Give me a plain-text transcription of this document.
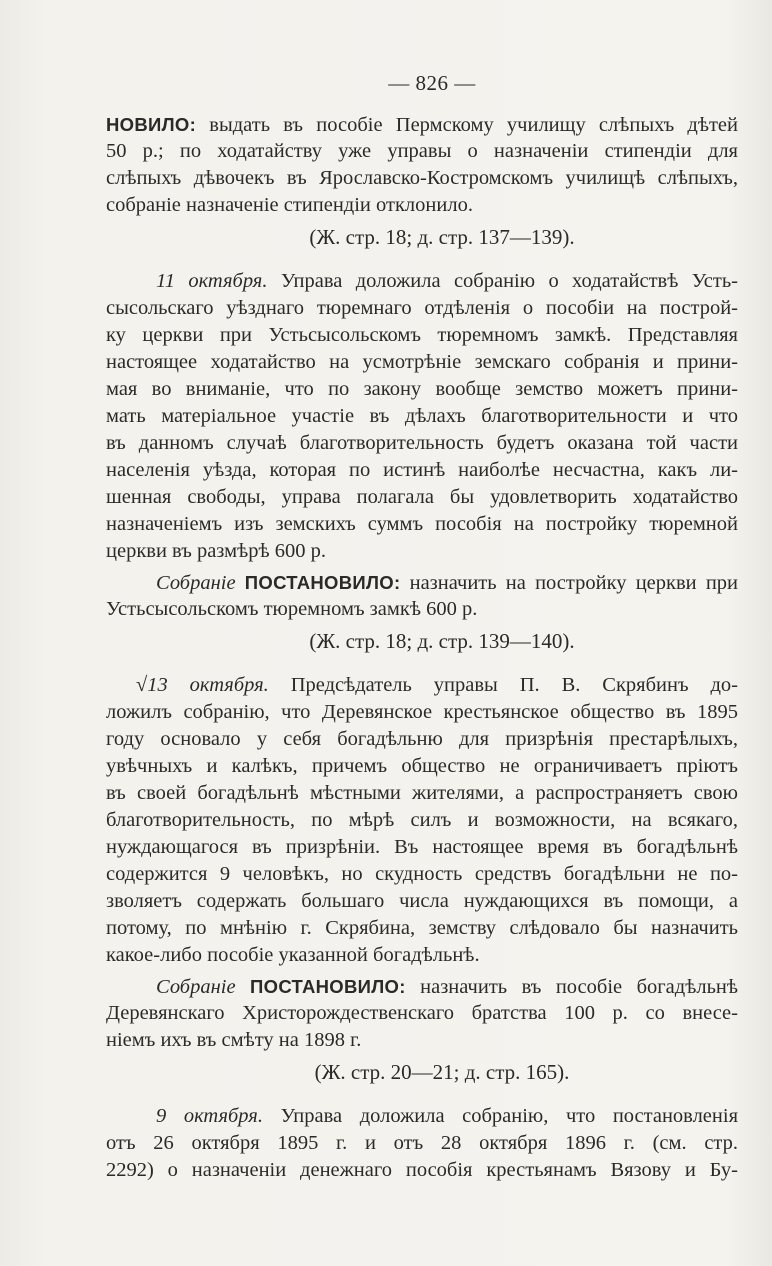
— 826 —
НОВИЛО: выдать въ пособіе Пермскому училищу слѣпыхъ дѣтей
50 р.; по ходатайству уже управы о назначеніи стипендіи для
слѣпыхъ дѣвочекъ въ Ярославско-Костромскомъ училищѣ слѣпыхъ,
собраніе назначеніе стипендіи отклонило.
(Ж. стр. 18; д. стр. 137—139).
11 октября. Управа доложила собранію о ходатайствѣ Усть-
сысольскаго уѣзднаго тюремнаго отдѣленія о пособіи на построй-
ку церкви при Устьсысольскомъ тюремномъ замкѣ. Представляя
настоящее ходатайство на усмотрѣніе земскаго собранія и прини-
мая во вниманіе, что по закону вообще земство можетъ прини-
мать матеріальное участіе въ дѣлахъ благотворительности и что
въ данномъ случаѣ благотворительность будетъ оказана той части
населенія уѣзда, которая по истинѣ наиболѣе несчастна, какъ ли-
шенная свободы, управа полагала бы удовлетворить ходатайство
назначеніемъ изъ земскихъ суммъ пособія на постройку тюремной
церкви въ размѣрѣ 600 р.
Собраніе ПОСТАНОВИЛО: назначить на постройку церкви при
Устьсысольскомъ тюремномъ замкѣ 600 р.
(Ж. стр. 18; д. стр. 139—140).
√13 октября. Предсѣдатель управы П. В. Скрябинъ до-
ложилъ собранію, что Деревянское крестьянское общество въ 1895
году основало у себя богадѣльню для призрѣнія престарѣлыхъ,
увѣчныхъ и калѣкъ, причемъ общество не ограничиваетъ пріютъ
въ своей богадѣльнѣ мѣстными жителями, а распространяетъ свою
благотворительность, по мѣрѣ силъ и возможности, на всякаго,
нуждающагося въ призрѣніи. Въ настоящее время въ богадѣльнѣ
содержится 9 человѣкъ, но скудность средствъ богадѣльни не по-
зволяетъ содержать большаго числа нуждающихся въ помощи, а
потому, по мнѣнію г. Скрябина, земству слѣдовало бы назначить
какое-либо пособіе указанной богадѣльнѣ.
Собраніе ПОСТАНОВИЛО: назначить въ пособіе богадѣльнѣ
Деревянскаго Христорождественскаго братства 100 р. со внесе-
ніемъ ихъ въ смѣту на 1898 г.
(Ж. стр. 20—21; д. стр. 165).
9 октября. Управа доложила собранію, что постановленія
отъ 26 октября 1895 г. и отъ 28 октября 1896 г. (см. стр.
2292) о назначеніи денежнаго пособія крестьянамъ Вязову и Бу-
